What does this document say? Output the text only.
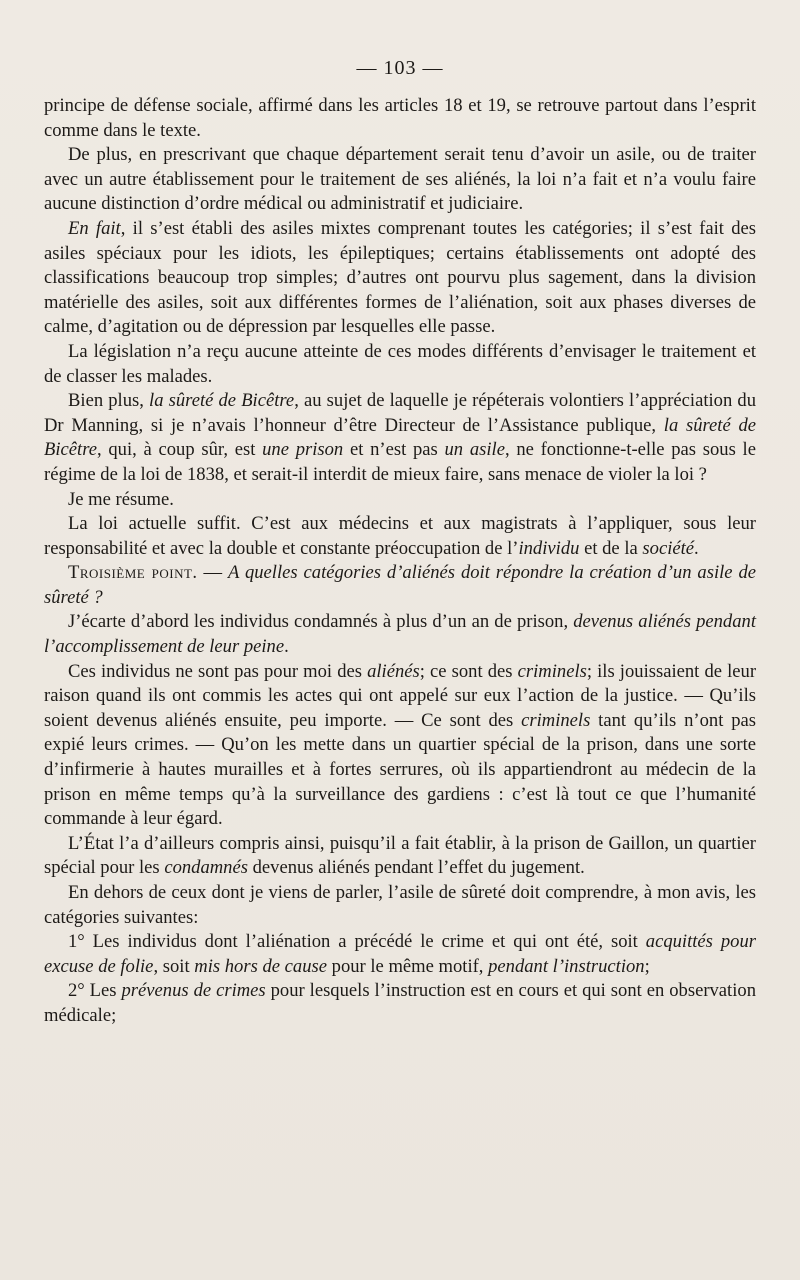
— 103 —

principe de défense sociale, affirmé dans les articles 18 et 19, se retrouve partout dans l’esprit comme dans le texte.

De plus, en prescrivant que chaque département serait tenu d’avoir un asile, ou de traiter avec un autre établissement pour le traitement de ses aliénés, la loi n’a fait et n’a voulu faire aucune distinction d’ordre médical ou administratif et judiciaire.

En fait, il s’est établi des asiles mixtes comprenant toutes les catégories; il s’est fait des asiles spéciaux pour les idiots, les épileptiques; certains établissements ont adopté des classifications beaucoup trop simples; d’autres ont pourvu plus sagement, dans la division matérielle des asiles, soit aux différentes formes de l’aliénation, soit aux phases diverses de calme, d’agitation ou de dépression par lesquelles elle passe.

La législation n’a reçu aucune atteinte de ces modes différents d’envisager le traitement et de classer les malades.

Bien plus, la sûreté de Bicêtre, au sujet de laquelle je répéterais volontiers l’appréciation du Dr Manning, si je n’avais l’honneur d’être Directeur de l’Assistance publique, la sûreté de Bicêtre, qui, à coup sûr, est une prison et n’est pas un asile, ne fonctionne-t-elle pas sous le régime de la loi de 1838, et serait-il interdit de mieux faire, sans menace de violer la loi ?

Je me résume.

La loi actuelle suffit. C’est aux médecins et aux magistrats à l’appliquer, sous leur responsabilité et avec la double et constante préoccupation de l’individu et de la société.

Troisième point. — A quelles catégories d’aliénés doit répondre la création d’un asile de sûreté ?

J’écarte d’abord les individus condamnés à plus d’un an de prison, devenus aliénés pendant l’accomplissement de leur peine.

Ces individus ne sont pas pour moi des aliénés; ce sont des criminels; ils jouissaient de leur raison quand ils ont commis les actes qui ont appelé sur eux l’action de la justice. — Qu’ils soient devenus aliénés ensuite, peu importe. — Ce sont des criminels tant qu’ils n’ont pas expié leurs crimes. — Qu’on les mette dans un quartier spécial de la prison, dans une sorte d’infirmerie à hautes murailles et à fortes serrures, où ils appartiendront au médecin de la prison en même temps qu’à la surveillance des gardiens : c’est là tout ce que l’humanité commande à leur égard.

L’État l’a d’ailleurs compris ainsi, puisqu’il a fait établir, à la prison de Gaillon, un quartier spécial pour les condamnés devenus aliénés pendant l’effet du jugement.

En dehors de ceux dont je viens de parler, l’asile de sûreté doit comprendre, à mon avis, les catégories suivantes:

1° Les individus dont l’aliénation a précédé le crime et qui ont été, soit acquittés pour excuse de folie, soit mis hors de cause pour le même motif, pendant l’instruction;

2° Les prévenus de crimes pour lesquels l’instruction est en cours et qui sont en observation médicale;
